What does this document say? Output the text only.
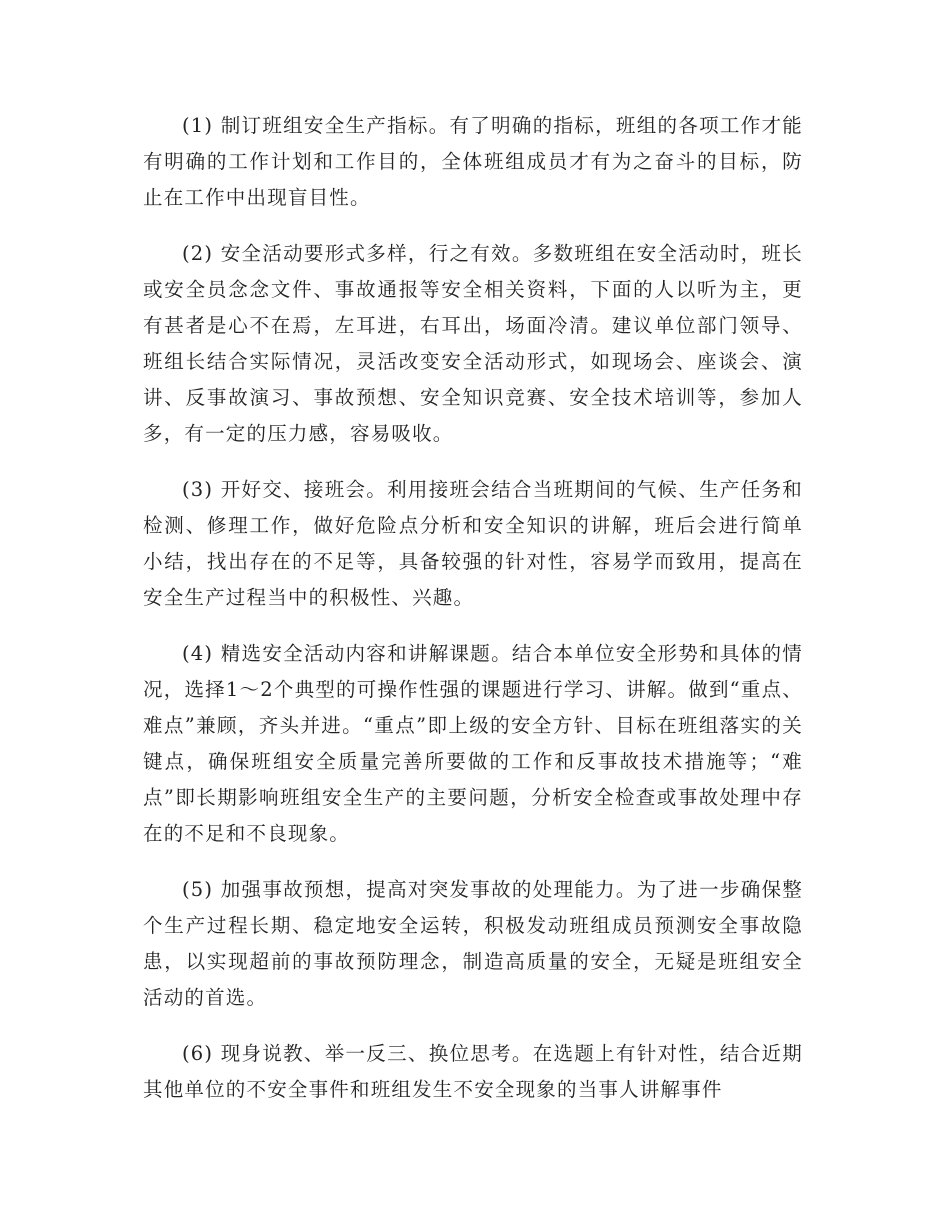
(1) 制订班组安全生产指标。有了明确的指标，班组的各项工作才能有明确的工作计划和工作目的，全体班组成员才有为之奋斗的目标，防止在工作中出现盲目性。

(2) 安全活动要形式多样，行之有效。多数班组在安全活动时，班长或安全员念念文件、事故通报等安全相关资料，下面的人以听为主，更有甚者是心不在焉，左耳进，右耳出，场面冷清。建议单位部门领导、班组长结合实际情况，灵活改变安全活动形式，如现场会、座谈会、演讲、反事故演习、事故预想、安全知识竞赛、安全技术培训等，参加人多，有一定的压力感，容易吸收。

(3) 开好交、接班会。利用接班会结合当班期间的气候、生产任务和检测、修理工作，做好危险点分析和安全知识的讲解，班后会进行简单小结，找出存在的不足等，具备较强的针对性，容易学而致用，提高在安全生产过程当中的积极性、兴趣。

(4) 精选安全活动内容和讲解课题。结合本单位安全形势和具体的情况，选择1～2个典型的可操作性强的课题进行学习、讲解。做到“重点、难点”兼顾，齐头并进。“重点”即上级的安全方针、目标在班组落实的关键点，确保班组安全质量完善所要做的工作和反事故技术措施等；“难点”即长期影响班组安全生产的主要问题，分析安全检查或事故处理中存在的不足和不良现象。

(5) 加强事故预想，提高对突发事故的处理能力。为了进一步确保整个生产过程长期、稳定地安全运转，积极发动班组成员预测安全事故隐患，以实现超前的事故预防理念，制造高质量的安全，无疑是班组安全活动的首选。

(6) 现身说教、举一反三、换位思考。在选题上有针对性，结合近期其他单位的不安全事件和班组发生不安全现象的当事人讲解事件
